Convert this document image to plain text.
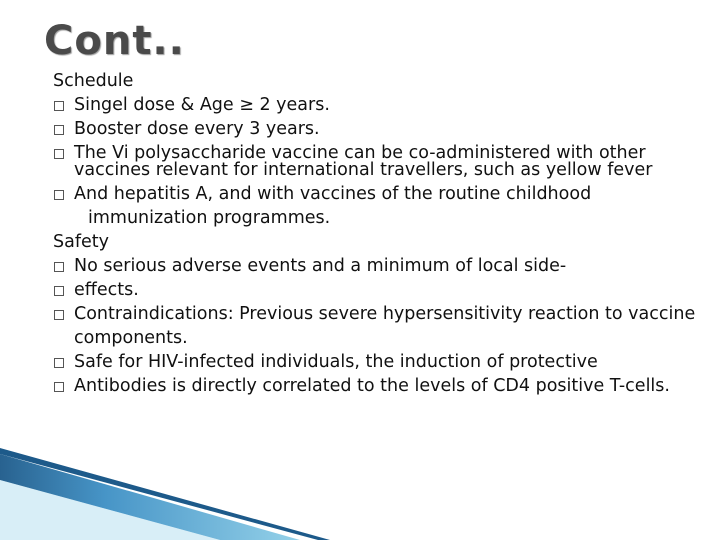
Cont..
Schedule
Singel dose & Age ≥ 2 years.
Booster dose every 3 years.
The Vi polysaccharide vaccine can be co-administered with other vaccines relevant for international travellers, such as yellow fever
And hepatitis A, and with vaccines of the routine childhood
immunization programmes.
Safety
No serious adverse events and a minimum of local side-
effects.
Contraindications: Previous severe hypersensitivity reaction to vaccine components.
Safe for HIV-infected individuals, the induction of protective
Antibodies is directly correlated to the levels of CD4 positive T-cells.
